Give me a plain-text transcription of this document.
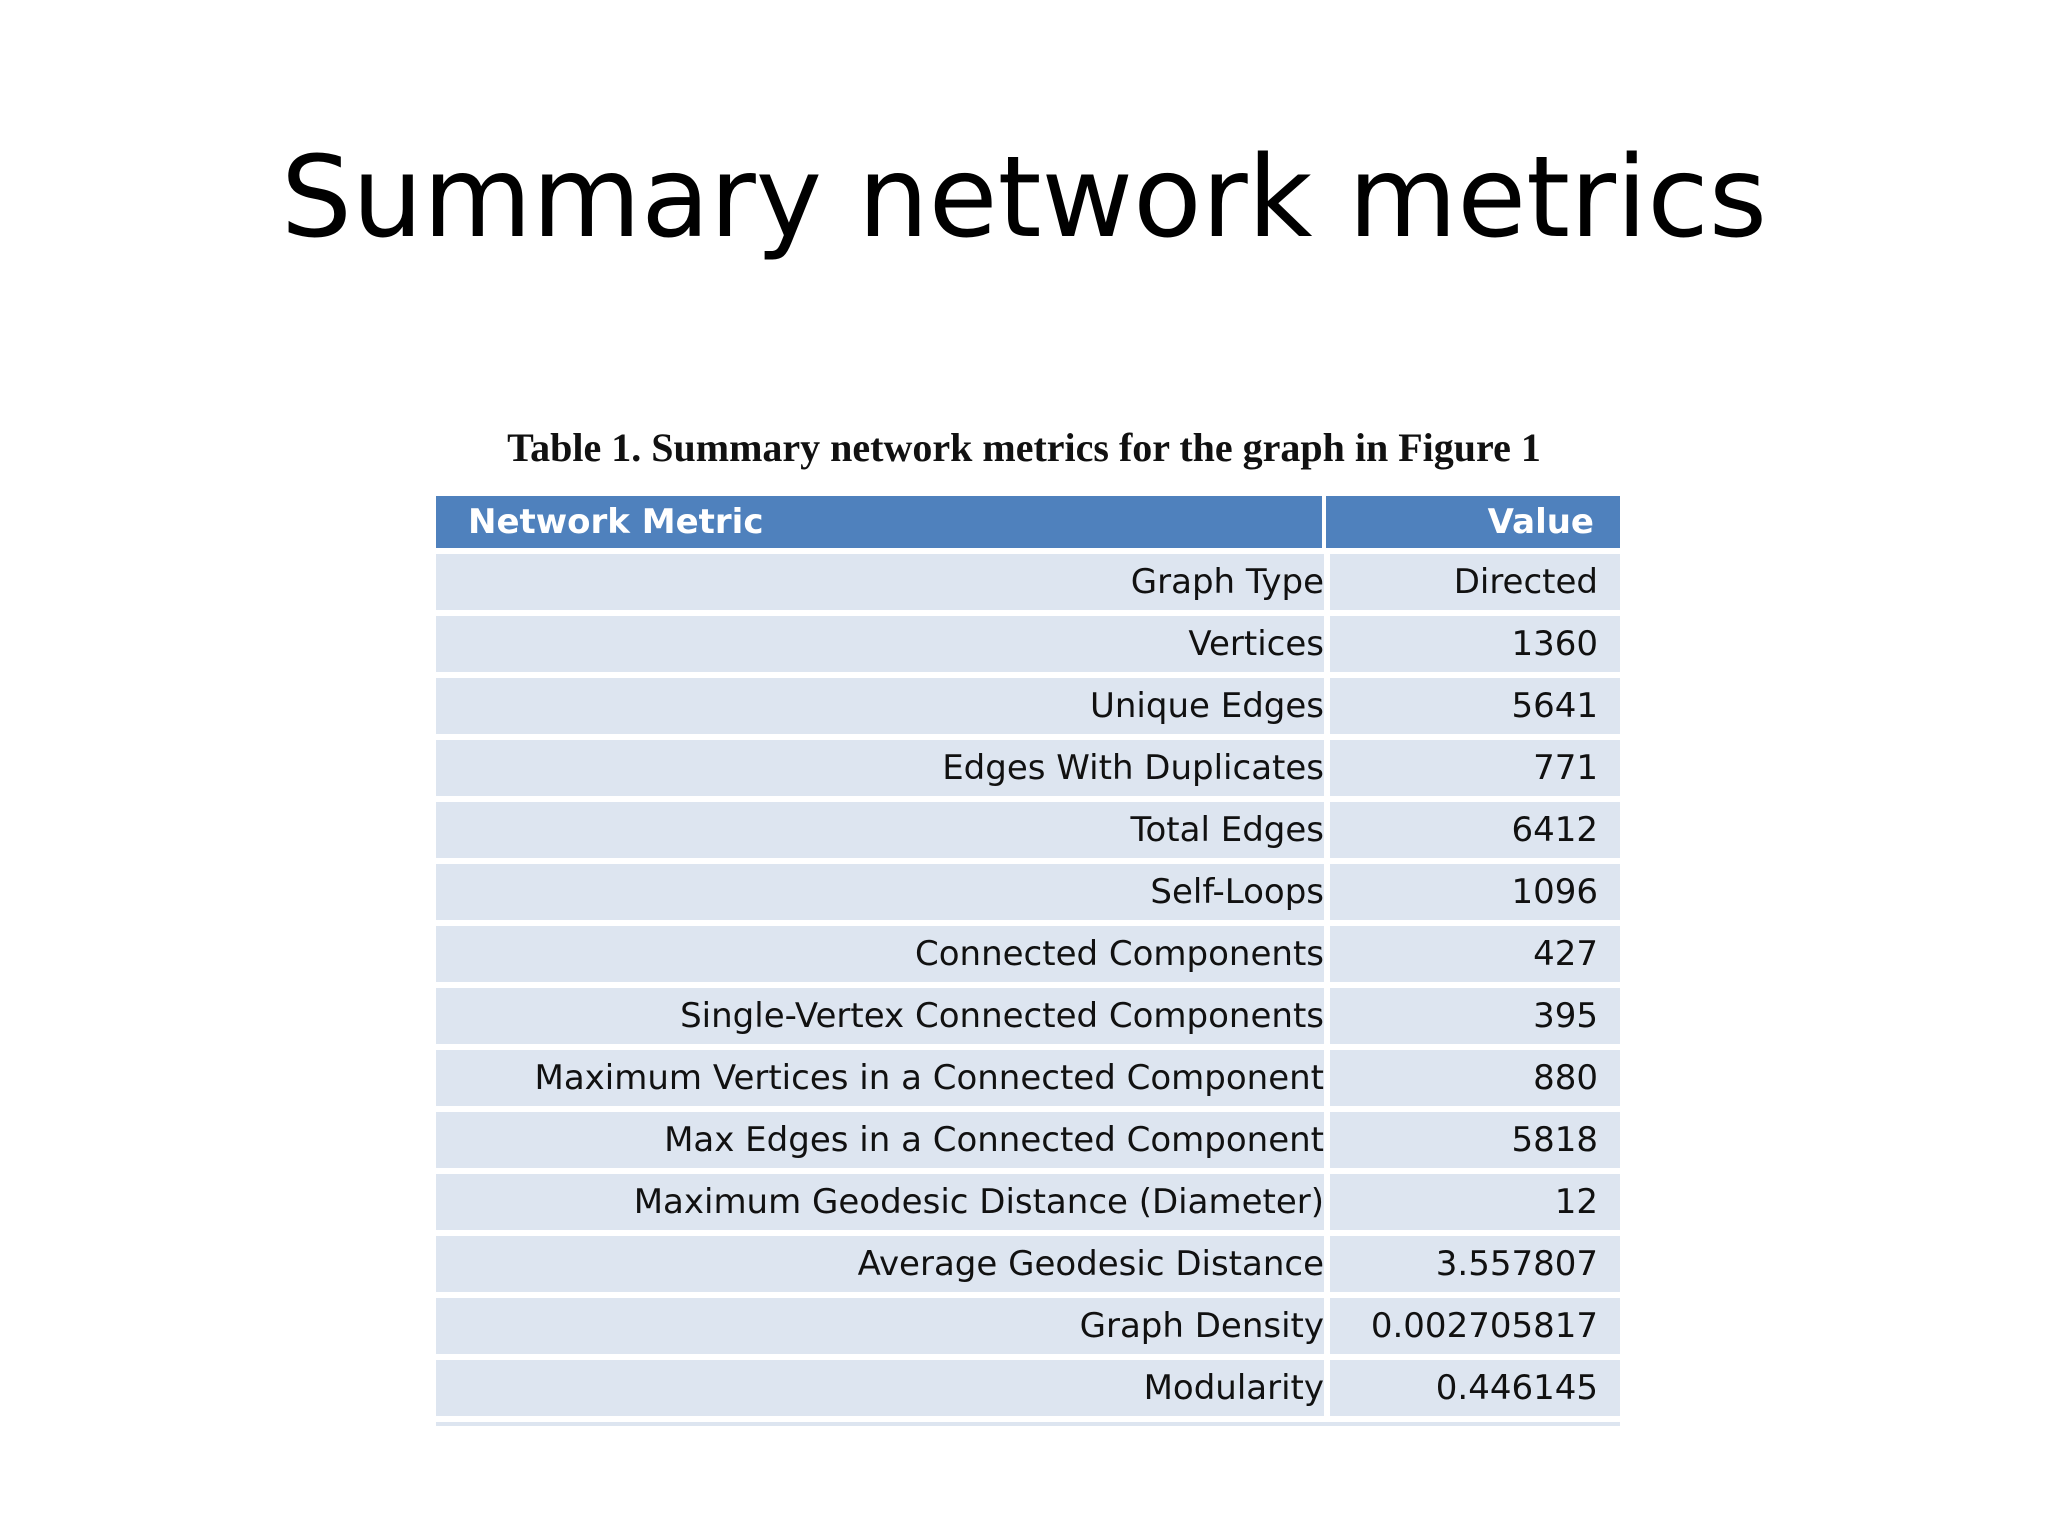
Summary network metrics
Table 1. Summary network metrics for the graph in Figure 1
Network Metric	Value
Graph Type	Directed
Vertices	1360
Unique Edges	5641
Edges With Duplicates	771
Total Edges	6412
Self-Loops	1096
Connected Components	427
Single-Vertex Connected Components	395
Maximum Vertices in a Connected Component	880
Max Edges in a Connected Component	5818
Maximum Geodesic Distance (Diameter)	12
Average Geodesic Distance	3.557807
Graph Density	0.002705817
Modularity	0.446145
